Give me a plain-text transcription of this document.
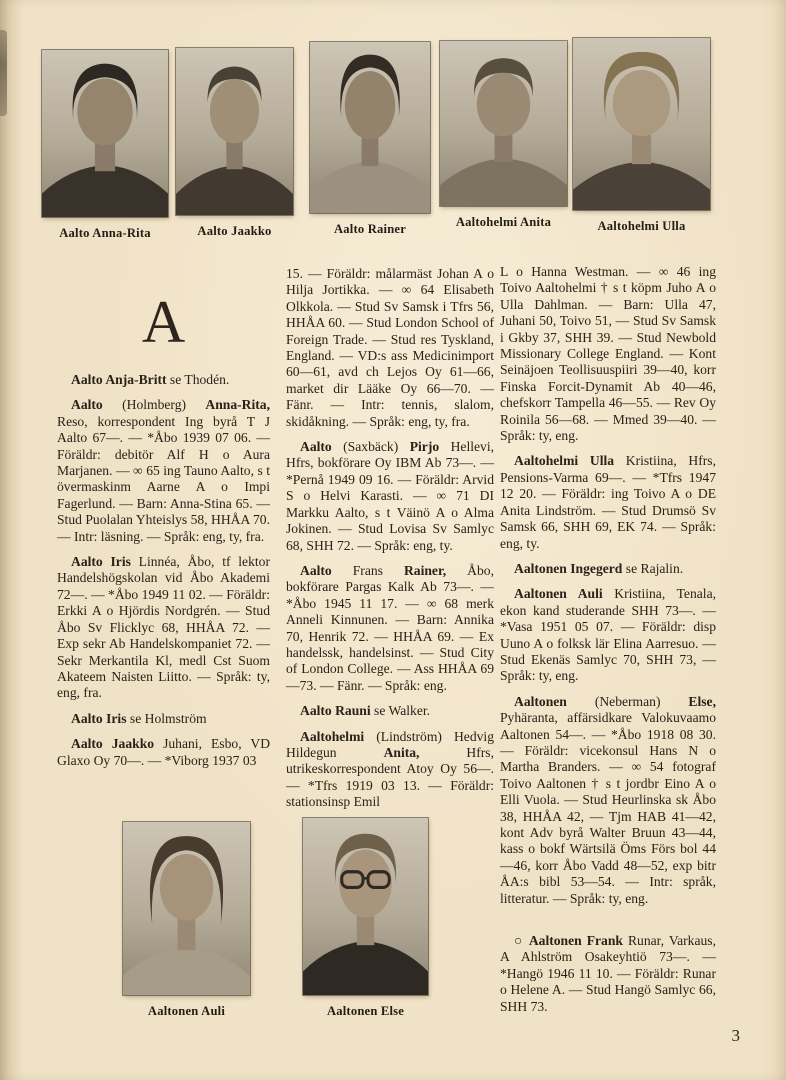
Aalto Anna-Rita	Aalto Jaakko	Aalto Rainer	Aaltohelmi Anita	Aaltohelmi Ulla
A

Aalto Anja-Britt se Thodén.

Aalto (Holmberg) Anna-Rita, Reso, korrespondent Ing byrå T J Aalto 67—. — *Åbo 1939 07 06. — Föräldr: debitör Alf H o Aura Marjanen. — ∞ 65 ing Tauno Aalto, s t övermaskinm Aarne A o Impi Fagerlund. — Barn: Anna-Stina 65. — Stud Puolalan Yhteislys 58, HHÅA 70. — Intr: läsning. — Språk: eng, ty, fra.

Aalto Iris Linnéa, Åbo, tf lektor Handelshögskolan vid Åbo Akademi 72—. — *Åbo 1949 11 02. — Föräldr: Erkki A o Hjördis Nordgrén. — Stud Åbo Sv Flicklyc 68, HHÅA 72. — Exp sekr Ab Handelskompaniet 72. — Sekr Merkantila Kl, medl Cst Suom Akateem Naisten Liitto. — Språk: ty, eng, fra.

Aalto Iris se Holmström

Aalto Jaakko Juhani, Esbo, VD Glaxo Oy 70—. — *Viborg 1937 03

15. — Föräldr: målarmäst Johan A o Hilja Jortikka. — ∞ 64 Elisabeth Olkkola. — Stud Sv Samsk i Tfrs 56, HHÅA 60. — Stud London School of Foreign Trade. — Stud res Tyskland, England. — VD:s ass Medicinimport 60—61, avd ch Lejos Oy 61—66, market dir Lääke Oy 66—70. — Fänr. — Intr: tennis, slalom, skidåkning. — Språk: eng, ty, fra.

Aalto (Saxbäck) Pirjo Hellevi, Hfrs, bokförare Oy IBM Ab 73—. — *Pernå 1949 09 16. — Föräldr: Arvid S o Helvi Karasti. — ∞ 71 DI Markku Aalto, s t Väinö A o Alma Jokinen. — Stud Lovisa Sv Samlyc 68, SHH 72. — Språk: eng, ty.

Aalto Frans Rainer, Åbo, bokförare Pargas Kalk Ab 73—. — *Åbo 1945 11 17. — ∞ 68 merk Anneli Kinnunen. — Barn: Annika 70, Henrik 72. — HHÅA 69. — Ex handelssk, handelsinst. — Stud City of London College. — Ass HHÅA 69—73. — Fänr. — Språk: eng.

Aalto Rauni se Walker.

Aaltohelmi (Lindström) Hedvig Hildegun Anita, Hfrs, utrikeskorrespondent Atoy Oy 56—. — *Tfrs 1919 03 13. — Föräldr: stationsinsp Emil

L o Hanna Westman. — ∞ 46 ing Toivo Aaltohelmi † s t köpm Juho A o Ulla Dahlman. — Barn: Ulla 47, Juhani 50, Toivo 51, — Stud Sv Samsk i Gkby 37, SHH 39. — Stud Newbold Missionary College England. — Kont Seinäjoen Teollisuuspiiri 39—40, korr Finska Forcit-Dynamit Ab 40—46, chefskorr Tampella 46—55. — Rev Oy Roinila 56—68. — Mmed 39—40. — Språk: ty, eng.

Aaltohelmi Ulla Kristiina, Hfrs, Pensions-Varma 69—. — *Tfrs 1947 12 20. — Föräldr: ing Toivo A o DE Anita Lindström. — Stud Drumsö Sv Samsk 66, SHH 69, EK 74. — Språk: eng, ty.

Aaltonen Ingegerd se Rajalin.

Aaltonen Auli Kristiina, Tenala, ekon kand studerande SHH 73—. — *Vasa 1951 05 07. — Föräldr: disp Uuno A o folksk lär Elina Aarresuo. — Stud Ekenäs Samlyc 70, SHH 73, — Språk: ty, eng.

Aaltonen (Neberman) Else, Pyhäranta, affärsidkare Valokuvaamo Aaltonen 54—. — *Åbo 1918 08 30. — Föräldr: vicekonsul Hans N o Martha Branders. — ∞ 54 fotograf Toivo Aaltonen † s t jordbr Eino A o Elli Vuola. — Stud Heurlinska sk Åbo 38, HHÅA 42, — Tjm HAB 41—42, kont Adv byrå Walter Bruun 43—44, kass o bokf Wärtsilä Öms Förs bol 44—46, korr Åbo Vadd 48—52, exp bitr ÅA:s bibl 53—54. — Intr: språk, litteratur. — Språk: ty, eng.

○ Aaltonen Frank Runar, Varkaus, A Ahlström Osakeyhtiö 73—. — *Hangö 1946 11 10. — Föräldr: Runar o Helene A. — Stud Hangö Samlyc 66, SHH 73.

Aaltonen Auli	Aaltonen Else
3
